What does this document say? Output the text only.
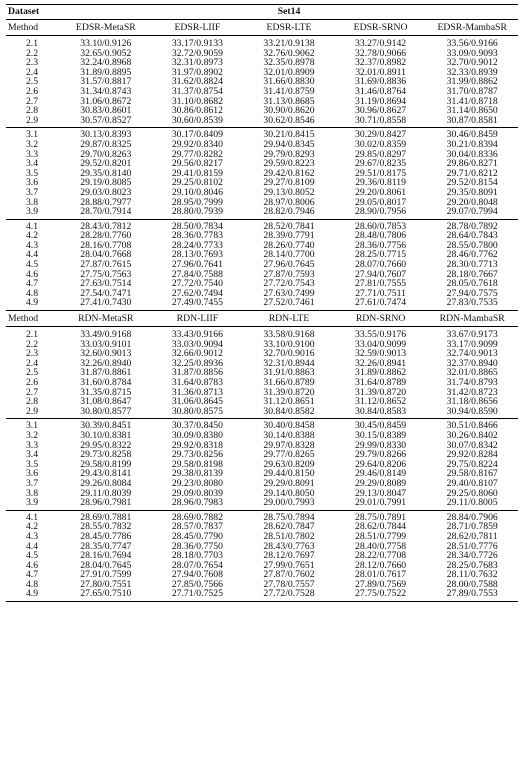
Dataset	Set14				
Method	EDSR-MetaSR	EDSR-LIIF	EDSR-LTE	EDSR-SRNO	EDSR-MambaSR
2.1	33.10/0.9126	33.17/0.9133	33.21/0.9138	33.27/0.9142	33.56/0.9166
2.2	32.65/0.9052	32.72/0.9059	32.76/0.9062	32.78/0.9066	33.09/0.9093
2.3	32.24/0.8968	32.31/0.8973	32.35/0.8978	32.37/0.8982	32.70/0.9012
2.4	31.89/0.8895	31.97/0.8902	32.01/0.8909	32.01/0.8911	32.33/0.8939
2.5	31.57/0.8817	31.62/0.8824	31.66/0.8830	31.69/0.8836	31.99/0.8862
2.6	31.34/0.8743	31.37/0.8754	31.41/0.8759	31.46/0.8764	31.70/0.8787
2.7	31.06/0.8672	31.10/0.8682	31.13/0.8685	31.19/0.8694	31.41/0.8718
2.8	30.83/0.8601	30.86/0.8612	30.90/0.8620	30.96/0.8627	31.14/0.8650
2.9	30.57/0.8527	30.60/0.8539	30.62/0.8546	30.71/0.8558	30.87/0.8581
3.1	30.13/0.8393	30.17/0.8409	30.21/0.8415	30.29/0.8427	30.46/0.8459
3.2	29.87/0.8325	29.92/0.8340	29.94/0.8345	30.02/0.8359	30.21/0.8394
3.3	29.70/0.8263	29.77/0.8282	29.79/0.8293	29.85/0.8297	30.04/0.8336
3.4	29.52/0.8201	29.56/0.8217	29.59/0.8223	29.67/0.8235	29.86/0.8271
3.5	29.35/0.8140	29.41/0.8159	29.42/0.8162	29.51/0.8175	29.71/0.8212
3.6	29.19/0.8085	29.25/0.8102	29.27/0.8109	29.36/0.8119	29.52/0.8154
3.7	29.03/0.8023	29.10/0.8046	29.13/0.8052	29.20/0.8061	29.35/0.8091
3.8	28.88/0.7977	28.95/0.7999	28.97/0.8006	29.05/0.8017	29.20/0.8048
3.9	28.70/0.7914	28.80/0.7939	28.82/0.7946	28.90/0.7956	29.07/0.7994
4.1	28.43/0.7812	28.50/0.7834	28.52/0.7841	28.60/0.7853	28.78/0.7892
4.2	28.28/0.7760	28.36/0.7783	28.39/0.7791	28.48/0.7806	28.64/0.7843
4.3	28.16/0.7708	28.24/0.7733	28.26/0.7740	28.36/0.7756	28.55/0.7800
4.4	28.04/0.7668	28.13/0.7693	28.14/0.7700	28.25/0.7715	28.46/0.7762
4.5	27.87/0.7615	27.96/0.7641	27.96/0.7645	28.07/0.7660	28.30/0.7713
4.6	27.75/0.7563	27.84/0.7588	27.87/0.7593	27.94/0.7607	28.18/0.7667
4.7	27.63/0.7514	27.72/0.7540	27.72/0.7543	27.81/0.7555	28.05/0.7618
4.8	27.54/0.7471	27.62/0.7494	27.63/0.7499	27.71/0.7511	27.94/0.7575
4.9	27.41/0.7430	27.49/0.7455	27.52/0.7461	27.61/0.7474	27.83/0.7535
Method	RDN-MetaSR	RDN-LIIF	RDN-LTE	RDN-SRNO	RDN-MambaSR
2.1	33.49/0.9168	33.43/0.9166	33.58/0.9168	33.55/0.9176	33.67/0.9173
2.2	33.03/0.9101	33.03/0.9094	33.10/0.9100	33.04/0.9099	33.17/0.9099
2.3	32.60/0.9013	32.66/0.9012	32.70/0.9016	32.59/0.9013	32.74/0.9013
2.4	32.26/0.8940	32.25/0.8936	32.31/0.8944	32.26/0.8941	32.37/0.8940
2.5	31.87/0.8861	31.87/0.8856	31.91/0.8863	31.89/0.8862	32.01/0.8865
2.6	31.60/0.8784	31.64/0.8783	31.66/0.8789	31.64/0.8789	31.74/0.8793
2.7	31.35/0.8715	31.36/0.8713	31.39/0.8720	31.39/0.8720	31.42/0.8723
2.8	31.08/0.8647	31.06/0.8645	31.12/0.8651	31.12/0.8652	31.18/0.8656
2.9	30.80/0.8577	30.80/0.8575	30.84/0.8582	30.84/0.8583	30.94/0.8590
3.1	30.39/0.8451	30.37/0.8450	30.40/0.8458	30.45/0.8459	30.51/0.8466
3.2	30.10/0.8381	30.09/0.8380	30.14/0.8388	30.15/0.8389	30.26/0.8402
3.3	29.95/0.8322	29.92/0.8318	29.97/0.8328	29.99/0.8330	30.07/0.8342
3.4	29.73/0.8258	29.73/0.8256	29.77/0.8265	29.79/0.8266	29.92/0.8284
3.5	29.58/0.8199	29.58/0.8198	29.63/0.8209	29.64/0.8206	29.75/0.8224
3.6	29.43/0.8141	29.38/0.8139	29.44/0.8150	29.46/0.8149	29.58/0.8167
3.7	29.26/0.8084	29.23/0.8080	29.29/0.8091	29.29/0.8089	29.40/0.8107
3.8	29.11/0.8039	29.09/0.8039	29.14/0.8050	29.13/0.8047	29.25/0.8060
3.9	28.96/0.7981	28.96/0.7983	29.00/0.7993	29.01/0.7991	29.11/0.8005
4.1	28.69/0.7881	28.69/0.7882	28.75/0.7894	28.75/0.7891	28.84/0.7906
4.2	28.55/0.7832	28.57/0.7837	28.62/0.7847	28.62/0.7844	28.71/0.7859
4.3	28.45/0.7786	28.45/0.7790	28.51/0.7802	28.51/0.7799	28.62/0.7811
4.4	28.35/0.7747	28.36/0.7750	28.43/0.7763	28.40/0.7758	28.51/0.7776
4.5	28.16/0.7694	28.18/0.7703	28.12/0.7697	28.22/0.7708	28.34/0.7726
4.6	28.04/0.7645	28.07/0.7654	27.99/0.7651	28.12/0.7660	28.25/0.7683
4.7	27.91/0.7599	27.94/0.7608	27.87/0.7602	28.01/0.7617	28.11/0.7632
4.8	27.80/0.7551	27.85/0.7566	27.78/0.7557	27.89/0.7569	28.00/0.7588
4.9	27.65/0.7510	27.71/0.7525	27.72/0.7528	27.75/0.7522	27.89/0.7553
